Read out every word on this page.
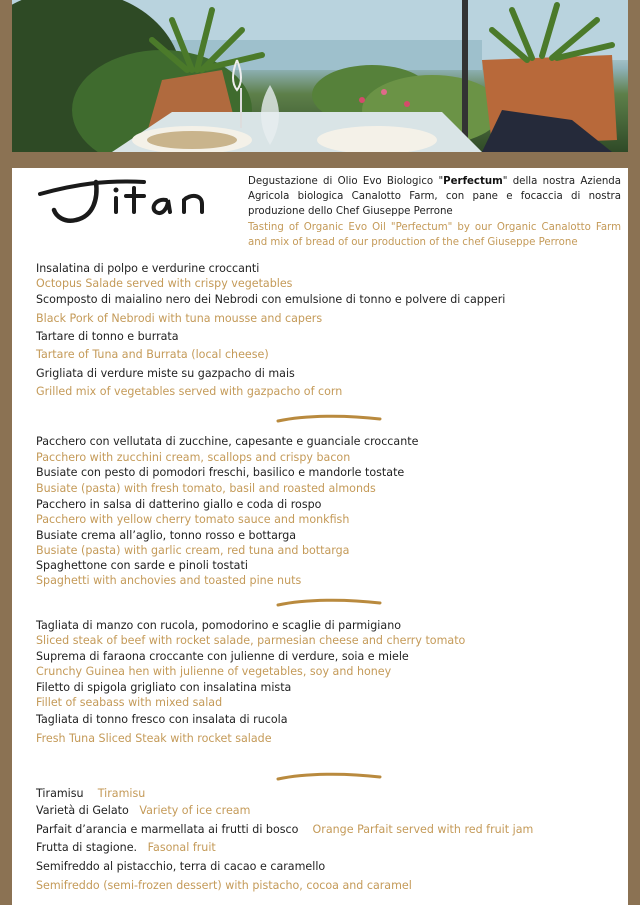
Jitan
Degustazione di Olio Evo Biologico "Perfectum" della nostra Azienda Agricola biologica Canalotto Farm, con pane e focaccia di nostra produzione dello Chef Giuseppe Perrone
Tasting of Organic Evo Oil "Perfectum" by our Organic Canalotto Farm and mix of bread of our production of the chef Giuseppe Perrone
Insalatina di polpo e verdurine croccanti
Octopus Salade served with crispy vegetables
Scomposto di maialino nero dei Nebrodi con emulsione di tonno e polvere di capperi
Black Pork of Nebrodi with tuna mousse and capers
Tartare di tonno e burrata
Tartare of Tuna and Burrata (local cheese)
Grigliata di verdure miste su gazpacho di mais
Grilled mix of vegetables served with gazpacho of corn
Pacchero con vellutata di zucchine, capesante e guanciale croccante
Pacchero with zucchini cream, scallops and crispy bacon
Busiate con pesto di pomodori freschi, basilico e mandorle tostate
Busiate (pasta) with fresh tomato, basil and roasted almonds
Pacchero in salsa di datterino giallo e coda di rospo
Pacchero with yellow cherry tomato sauce and monkfish
Busiate crema all’aglio, tonno rosso e bottarga
Busiate (pasta) with garlic cream, red tuna and bottarga
Spaghettone con sarde e pinoli tostati
Spaghetti with anchovies and toasted pine nuts
Tagliata di manzo con rucola, pomodorino e scaglie di parmigiano
Sliced steak of beef with rocket salade, parmesian cheese and cherry tomato
Suprema di faraona croccante con julienne di verdure, soia e miele
Crunchy Guinea hen with julienne of vegetables, soy and honey
Filetto di spigola grigliato con insalatina mista
Fillet of seabass with mixed salad
Tagliata di tonno fresco con insalata di rucola
Fresh Tuna Sliced Steak with rocket salade
Tiramisu Tiramisu
Varietà di Gelato Variety of ice cream
Parfait d’arancia e marmellata ai frutti di bosco Orange Parfait served with red fruit jam
Frutta di stagione. Fasonal fruit
Semifreddo al pistacchio, terra di cacao e caramello
Semifreddo (semi-frozen dessert) with pistacho, cocoa and caramel
